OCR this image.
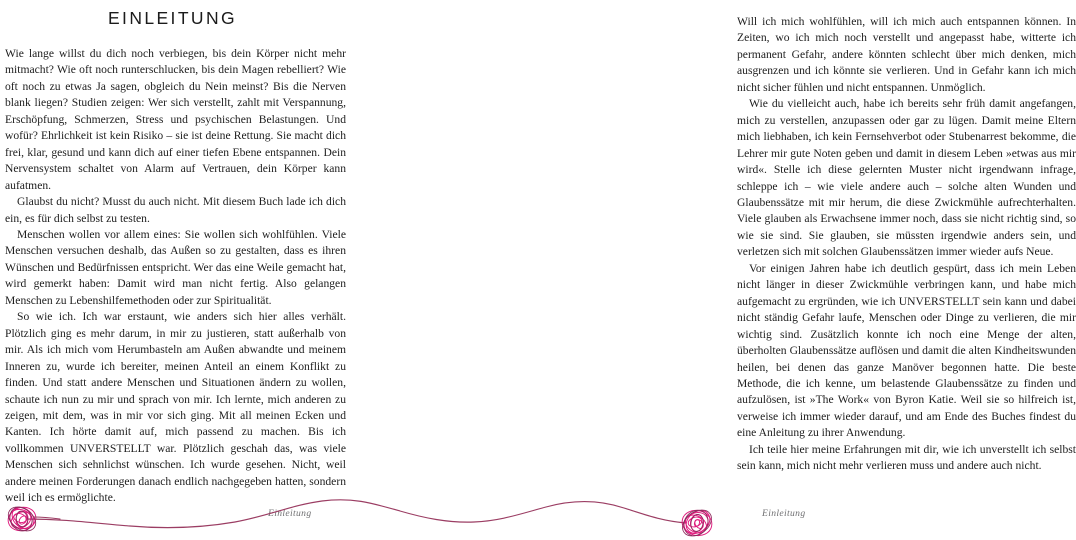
EINLEITUNG

Wie lange willst du dich noch verbiegen, bis dein Körper nicht mehr mitmacht? Wie oft noch runterschlucken, bis dein Magen rebelliert? Wie oft noch zu etwas Ja sagen, obgleich du Nein meinst? Bis die Nerven blank liegen? Studien zeigen: Wer sich verstellt, zahlt mit Verspannung, Erschöpfung, Schmerzen, Stress und psychischen Belastungen. Und wofür? Ehrlichkeit ist kein Risiko – sie ist deine Rettung. Sie macht dich frei, klar, gesund und kann dich auf einer tiefen Ebene entspannen. Dein Nervensystem schaltet von Alarm auf Vertrauen, dein Körper kann aufatmen.

Glaubst du nicht? Musst du auch nicht. Mit diesem Buch lade ich dich ein, es für dich selbst zu testen.

Menschen wollen vor allem eines: Sie wollen sich wohlfühlen. Viele Menschen versuchen deshalb, das Außen so zu gestalten, dass es ihren Wünschen und Bedürfnissen entspricht. Wer das eine Weile gemacht hat, wird gemerkt haben: Damit wird man nicht fertig. Also gelangen Menschen zu Lebenshilfemethoden oder zur Spiritualität.

So wie ich. Ich war erstaunt, wie anders sich hier alles verhält. Plötzlich ging es mehr darum, in mir zu justieren, statt außerhalb von mir. Als ich mich vom Herumbasteln am Außen abwandte und meinem Inneren zu, wurde ich bereiter, meinen Anteil an einem Konflikt zu finden. Und statt andere Menschen und Situationen ändern zu wollen, schaute ich nun zu mir und sprach von mir. Ich lernte, mich anderen zu zeigen, mit dem, was in mir vor sich ging. Mit all meinen Ecken und Kanten. Ich hörte damit auf, mich passend zu machen. Bis ich vollkommen UNVERSTELLT war. Plötzlich geschah das, was viele Menschen sich sehnlichst wünschen. Ich wurde gesehen. Nicht, weil andere meinen Forderungen danach endlich nachgegeben hatten, sondern weil ich es ermöglichte.

Einleitung

Will ich mich wohlfühlen, will ich mich auch entspannen können. In Zeiten, wo ich mich noch verstellt und angepasst habe, witterte ich permanent Gefahr, andere könnten schlecht über mich denken, mich ausgrenzen und ich könnte sie verlieren. Und in Gefahr kann ich mich nicht sicher fühlen und nicht entspannen. Unmöglich.

Wie du vielleicht auch, habe ich bereits sehr früh damit angefangen, mich zu verstellen, anzupassen oder gar zu lügen. Damit meine Eltern mich liebhaben, ich kein Fernsehverbot oder Stubenarrest bekomme, die Lehrer mir gute Noten geben und damit in diesem Leben »etwas aus mir wird«. Stelle ich diese gelernten Muster nicht irgendwann infrage, schleppe ich – wie viele andere auch – solche alten Wunden und Glaubenssätze mit mir herum, die diese Zwickmühle aufrechterhalten. Viele glauben als Erwachsene immer noch, dass sie nicht richtig sind, so wie sie sind. Sie glauben, sie müssten irgendwie anders sein, und verletzen sich mit solchen Glaubenssätzen immer wieder aufs Neue.

Vor einigen Jahren habe ich deutlich gespürt, dass ich mein Leben nicht länger in dieser Zwickmühle verbringen kann, und habe mich aufgemacht zu ergründen, wie ich UNVERSTELLT sein kann und dabei nicht ständig Gefahr laufe, Menschen oder Dinge zu verlieren, die mir wichtig sind. Zusätzlich konnte ich noch eine Menge der alten, überholten Glaubenssätze auflösen und damit die alten Kindheitswunden heilen, bei denen das ganze Manöver begonnen hatte. Die beste Methode, die ich kenne, um belastende Glaubenssätze zu finden und aufzulösen, ist »The Work« von Byron Katie. Weil sie so hilfreich ist, verweise ich immer wieder darauf, und am Ende des Buches findest du eine Anleitung zu ihrer Anwendung.

Ich teile hier meine Erfahrungen mit dir, wie ich unverstellt ich selbst sein kann, mich nicht mehr verlieren muss und andere auch nicht.

Einleitung
